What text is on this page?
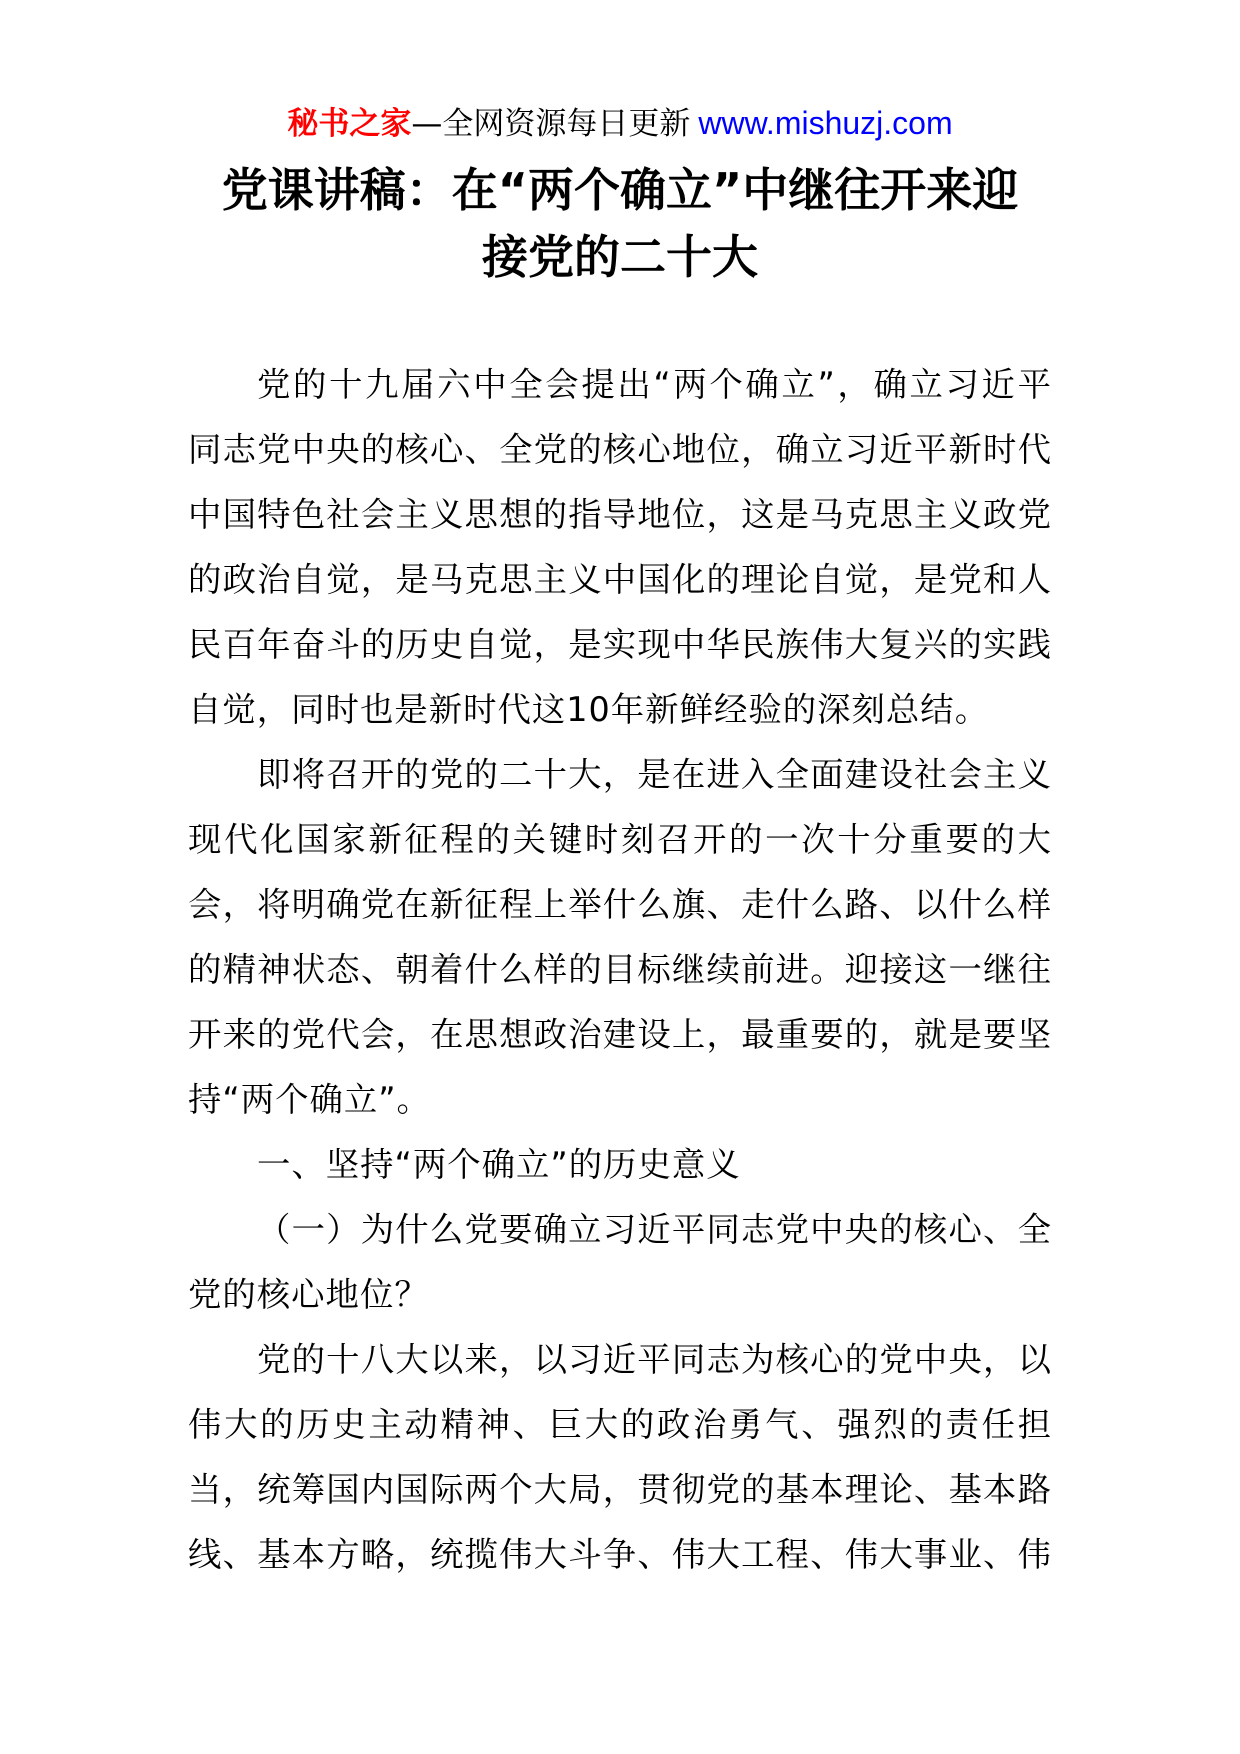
秘书之家—全网资源每日更新 www.mishuzj.com
党课讲稿：在“两个确立”中继往开来迎
接党的二十大
党的十九届六中全会提出“两个确立”，确立习近平
同志党中央的核心、全党的核心地位，确立习近平新时代
中国特色社会主义思想的指导地位，这是马克思主义政党
的政治自觉，是马克思主义中国化的理论自觉，是党和人
民百年奋斗的历史自觉，是实现中华民族伟大复兴的实践
自觉，同时也是新时代这10年新鲜经验的深刻总结。
即将召开的党的二十大，是在进入全面建设社会主义
现代化国家新征程的关键时刻召开的一次十分重要的大
会，将明确党在新征程上举什么旗、走什么路、以什么样
的精神状态、朝着什么样的目标继续前进。迎接这一继往
开来的党代会，在思想政治建设上，最重要的，就是要坚
持“两个确立”。
一、坚持“两个确立”的历史意义
（一）为什么党要确立习近平同志党中央的核心、全
党的核心地位？
党的十八大以来，以习近平同志为核心的党中央，以
伟大的历史主动精神、巨大的政治勇气、强烈的责任担
当，统筹国内国际两个大局，贯彻党的基本理论、基本路
线、基本方略，统揽伟大斗争、伟大工程、伟大事业、伟
